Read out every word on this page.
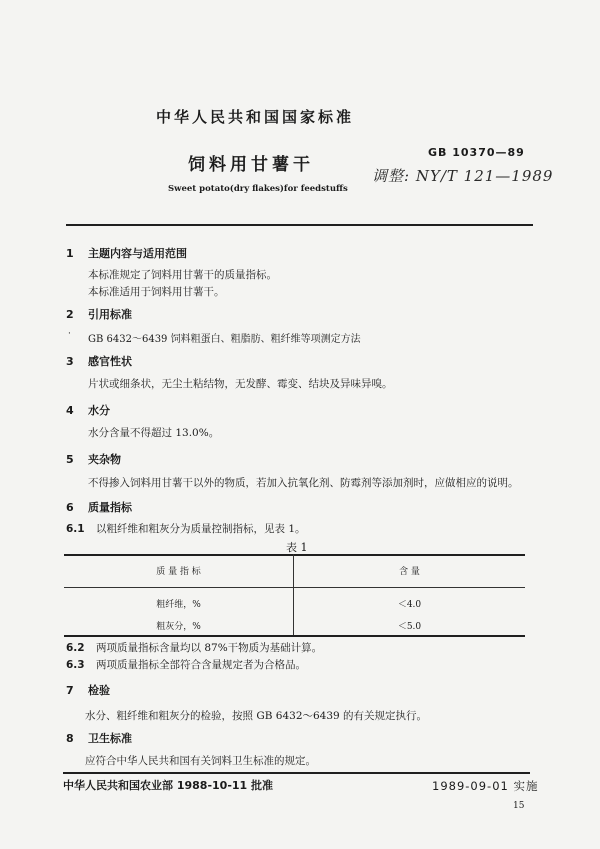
中华人民共和国国家标准
GB 10370—89
饲料用甘薯干
调整: NY/T 121—1989
Sweet potato(dry flakes)for feedstuffs
1 主题内容与适用范围
本标准规定了饲料用甘薯干的质量指标。
本标准适用于饲料用甘薯干。
2 引用标准
· GB 6432～6439 饲料粗蛋白、粗脂肪、粗纤维等项测定方法
3 感官性状
片状或细条状，无尘土粘结物，无发酵、霉变、结块及异味异嗅。
4 水分
水分含量不得超过 13.0%。
5 夹杂物
不得掺入饲料用甘薯干以外的物质，若加入抗氧化剂、防霉剂等添加剂时，应做相应的说明。
6 质量指标
6.1 以粗纤维和粗灰分为质量控制指标，见表 1。
表 1
质 量 指 标	含 量
粗纤维，%	＜4.0
粗灰分，%	＜5.0
6.2 两项质量指标含量均以 87%干物质为基础计算。
6.3 两项质量指标全部符合含量规定者为合格品。
7 检验
水分、粗纤维和粗灰分的检验，按照 GB 6432～6439 的有关规定执行。
8 卫生标准
应符合中华人民共和国有关饲料卫生标准的规定。
中华人民共和国农业部 1988-10-11 批准	1989-09-01 实施
15
